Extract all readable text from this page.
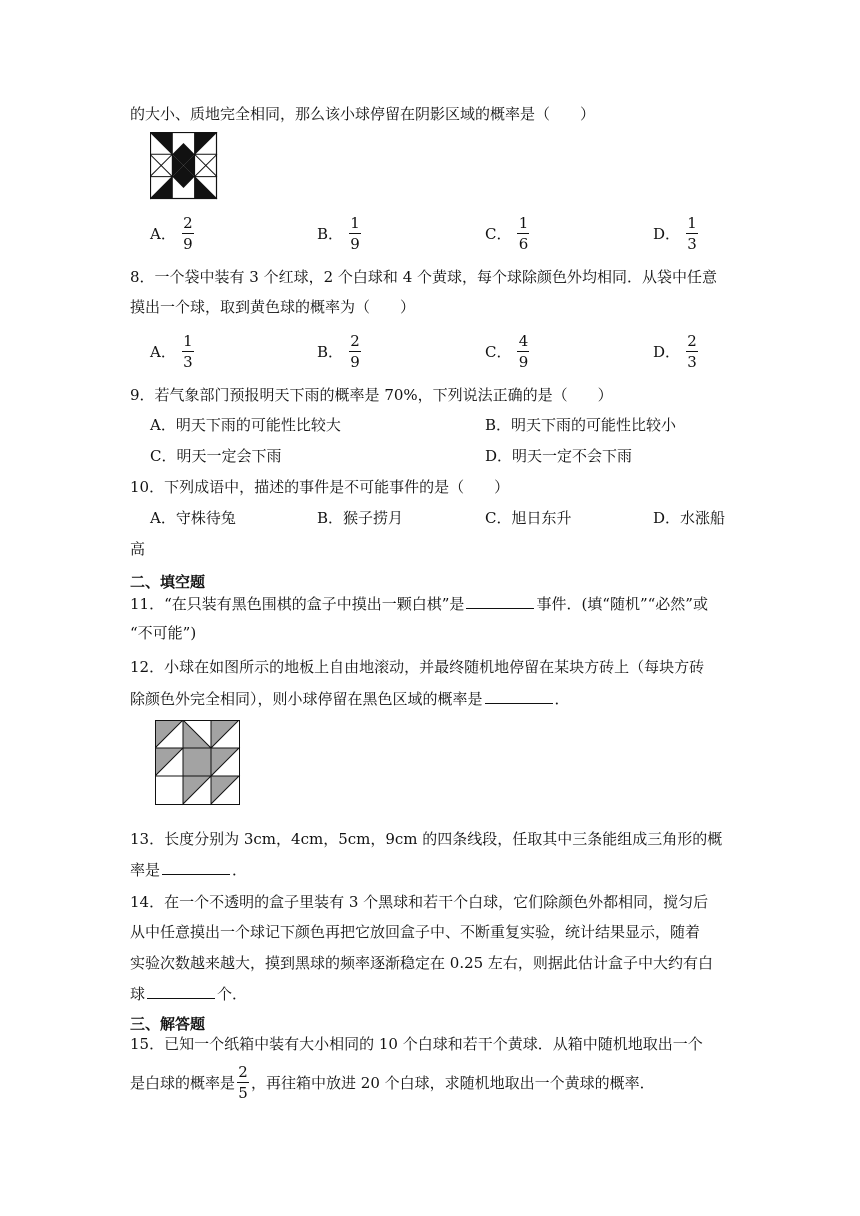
的大小、质地完全相同，那么该小球停留在阴影区域的概率是（　　）
A． $\frac{2}{9}$	B． $\frac{1}{9}$	C． $\frac{1}{6}$	D． $\frac{1}{3}$
8．一个袋中装有 3 个红球，2 个白球和 4 个黄球，每个球除颜色外均相同．从袋中任意
摸出一个球，取到黄色球的概率为（　　）
A． $\frac{1}{3}$	B． $\frac{2}{9}$	C． $\frac{4}{9}$	D． $\frac{2}{3}$
9．若气象部门预报明天下雨的概率是 70%，下列说法正确的是（　　）
A．明天下雨的可能性比较大	B．明天下雨的可能性比较小
C．明天一定会下雨	D．明天一定不会下雨
10．下列成语中，描述的事件是不可能事件的是（　　）
A．守株待兔	B．猴子捞月	C．旭日东升	D．水涨船
高
二、填空题
11．“在只装有黑色围棋的盒子中摸出一颗白棋”是	事件．(填“随机”“必然”或
“不可能”)
12．小球在如图所示的地板上自由地滚动，并最终随机地停留在某块方砖上（每块方砖
除颜色外完全相同），则小球停留在黑色区域的概率是	．
13．长度分别为 3cm，4cm，5cm，9cm 的四条线段，任取其中三条能组成三角形的概
率是	．
14．在一个不透明的盒子里装有 3 个黑球和若干个白球，它们除颜色外都相同，搅匀后
从中任意摸出一个球记下颜色再把它放回盒子中、不断重复实验，统计结果显示，随着
实验次数越来越大，摸到黑球的频率逐渐稳定在 0.25 左右，则据此估计盒子中大约有白
球	个．
三、解答题
15．已知一个纸箱中装有大小相同的 10 个白球和若干个黄球．从箱中随机地取出一个
是白球的概率是 $\frac{2}{5}$ ，再往箱中放进 20 个白球，求随机地取出一个黄球的概率．
